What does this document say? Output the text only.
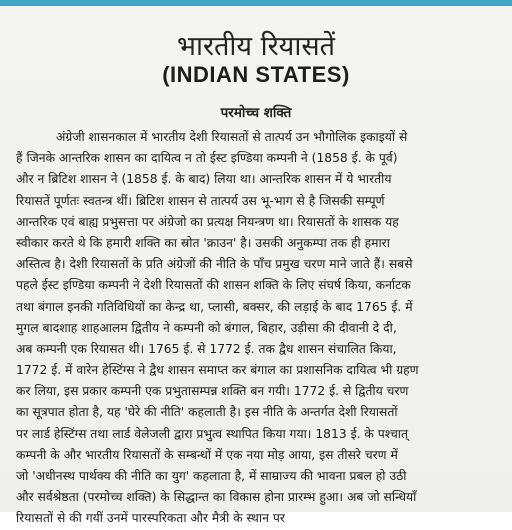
भारतीय रियासतें
(INDIAN STATES)
परमोच्च शक्ति

अंग्रेजी शासनकाल में भारतीय देशी रियासतों से तात्पर्य उन भौगोलिक इकाइयों से
हैं जिनके आन्तरिक शासन का दायित्व न तो ईस्ट इण्डिया कम्पनी ने (1858 ई. के पूर्व)
और न ब्रिटिश शासन ने (1858 ई. के बाद) लिया था। आन्तरिक शासन में ये भारतीय
रियासतें पूर्णतः स्वतन्त्र थीं। ब्रिटिश शासन से तात्पर्य उस भू-भाग से है जिसकी सम्पूर्ण
आन्तरिक एवं बाह्य प्रभुसत्ता पर अंग्रेजो का प्रत्यक्ष नियन्त्रण था। रियासतों के शासक यह
स्वीकार करते थे कि हमारी शक्ति का स्रोत 'क्राउन' है। उसकी अनुकम्पा तक ही हमारा
अस्तित्व है। देशी रियासतों के प्रति अंग्रेजों की नीति के पाँच प्रमुख चरण माने जाते हैं। सबसे
पहले ईस्ट इण्डिया कम्पनी ने देशी रियासतों की शासन शक्ति के लिए संघर्ष किया, कर्नाटक
तथा बंगाल इनकी गतिविधियों का केन्द्र था, प्लासी, बक्सर, की लड़ाई के बाद 1765 ई. में
मुगल बादशाह शाहआलम द्वितीय ने कम्पनी को बंगाल, बिहार, उड़ीसा की दीवानी दे दी,
अब कम्पनी एक रियासत थी। 1765 ई. से 1772 ई. तक द्वैध शासन संचालित किया,
1772 ई. में वारेन हेस्टिंग्स ने द्वैध शासन समाप्त कर बंगाल का प्रशासनिक दायित्व भी ग्रहण
कर लिया, इस प्रकार कम्पनी एक प्रभुतासम्पन्न शक्ति बन गयी। 1772 ई. से द्वितीय चरण
का सूत्रपात होता है, यह 'घेरे की नीति' कहलाती है। इस नीति के अन्तर्गत देशी रियासतों
पर लार्ड हेस्टिंग्स तथा लार्ड वेलेजली द्वारा प्रभुत्व स्थापित किया गया। 1813 ई. के पश्चात्
कम्पनी के और भारतीय रियासतों के सम्बन्धों में एक नया मोड़ आया, इस तीसरे चरण में
जो 'अधीनस्थ पार्थक्य की नीति का युग' कहलाता है, में साम्राज्य की भावना प्रबल हो उठी
और सर्वश्रेष्ठता (परमोच्च शक्ति) के सिद्धान्त का विकास होना प्रारम्भ हुआ। अब जो सन्धियाँ
रियासतों से की गयीं उनमें पारस्परिकता और मैत्री के स्थान पर
